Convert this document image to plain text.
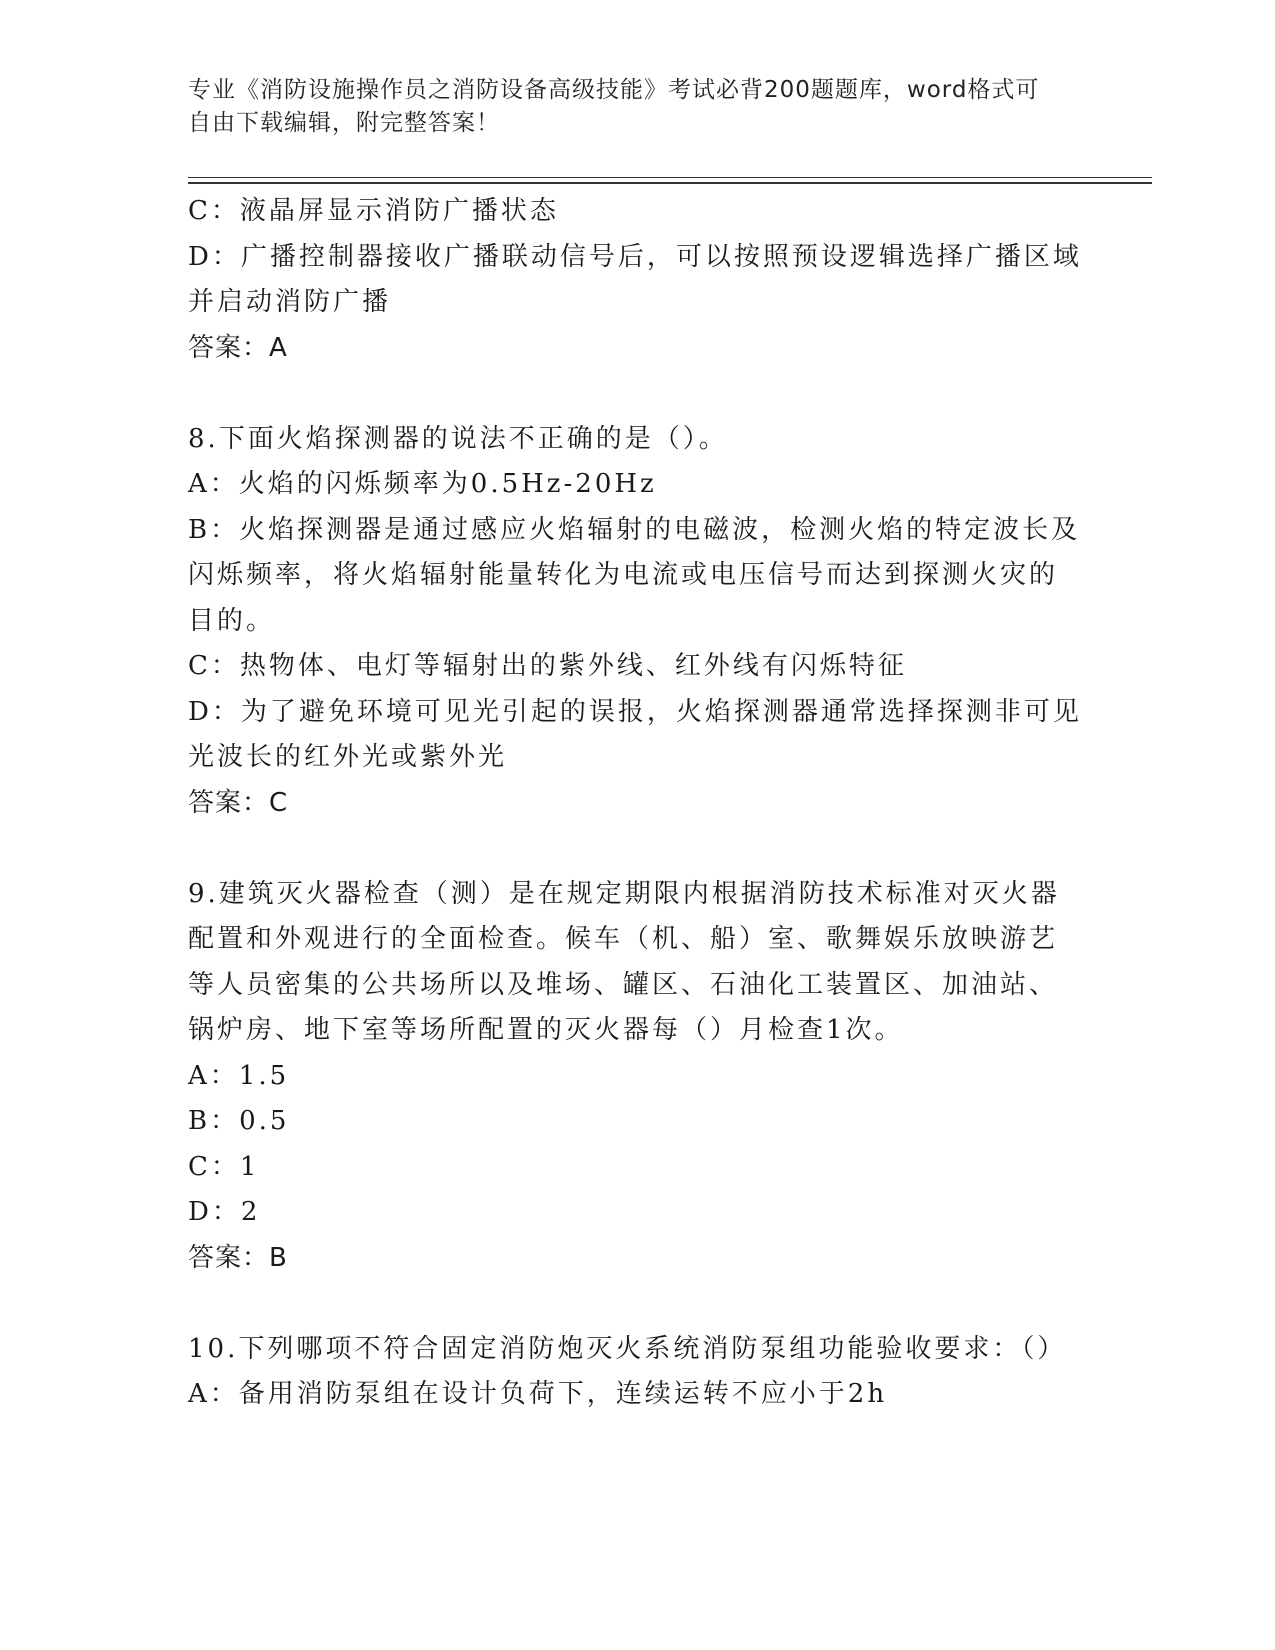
专业《消防设施操作员之消防设备高级技能》考试必背200题题库，word格式可
自由下载编辑，附完整答案！
C：液晶屏显示消防广播状态
D：广播控制器接收广播联动信号后，可以按照预设逻辑选择广播区域
并启动消防广播
答案：A
8.下面火焰探测器的说法不正确的是（）。
A：火焰的闪烁频率为0.5Hz-20Hz
B：火焰探测器是通过感应火焰辐射的电磁波，检测火焰的特定波长及
闪烁频率，将火焰辐射能量转化为电流或电压信号而达到探测火灾的
目的。
C：热物体、电灯等辐射出的紫外线、红外线有闪烁特征
D：为了避免环境可见光引起的误报，火焰探测器通常选择探测非可见
光波长的红外光或紫外光
答案：C
9.建筑灭火器检查（测）是在规定期限内根据消防技术标准对灭火器
配置和外观进行的全面检查。候车（机、船）室、歌舞娱乐放映游艺
等人员密集的公共场所以及堆场、罐区、石油化工装置区、加油站、
锅炉房、地下室等场所配置的灭火器每（）月检查1次。
A：1.5
B：0.5
C：1
D：2
答案：B
10.下列哪项不符合固定消防炮灭火系统消防泵组功能验收要求：（）
A：备用消防泵组在设计负荷下，连续运转不应小于2h
